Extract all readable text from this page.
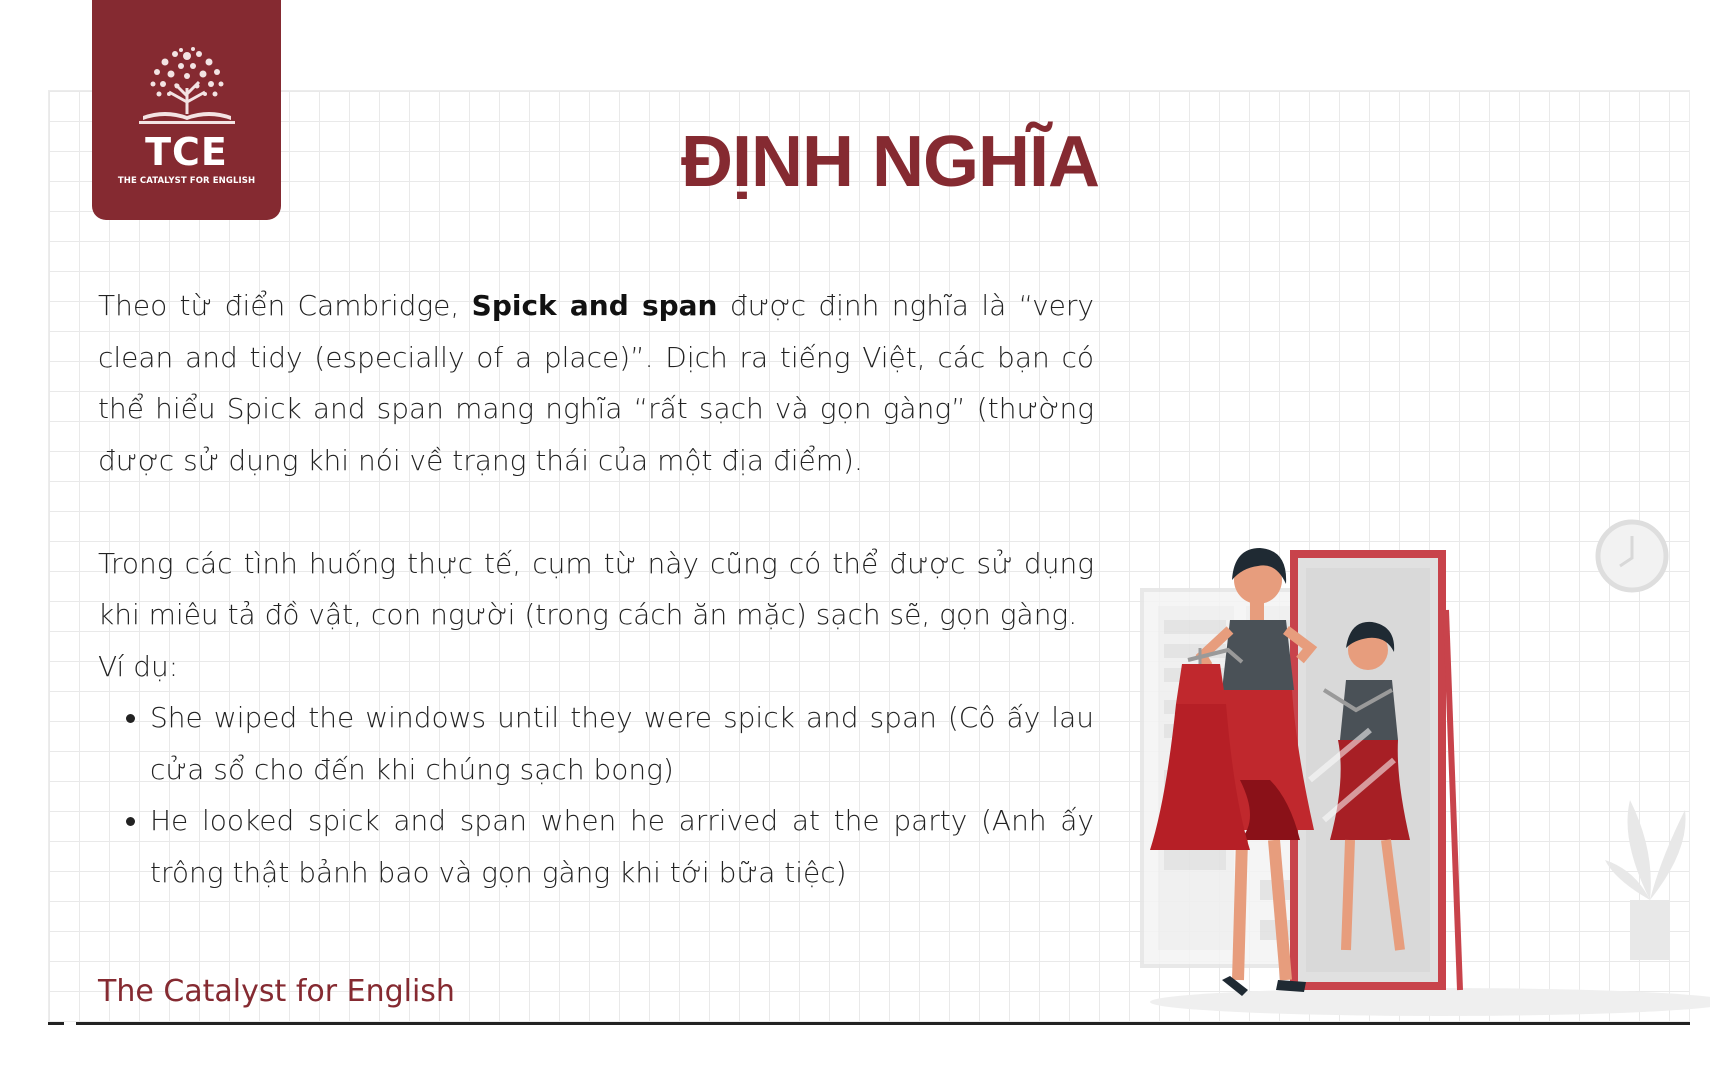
TCE
THE CATALYST FOR ENGLISH	ĐỊNH NGHĨA

Theo từ điển Cambridge, Spick and span được định nghĩa là “very clean and tidy (especially of a place)”. Dịch ra tiếng Việt, các bạn có thể hiểu Spick and span mang nghĩa “rất sạch và gọn gàng” (thường được sử dụng khi nói về trạng thái của một địa điểm).

Trong các tình huống thực tế, cụm từ này cũng có thể được sử dụng khi miêu tả đồ vật, con người (trong cách ăn mặc) sạch sẽ, gọn gàng.

Ví dụ:

• She wiped the windows until they were spick and span (Cô ấy lau cửa sổ cho đến khi chúng sạch bong)
• He looked spick and span when he arrived at the party (Anh ấy trông thật bảnh bao và gọn gàng khi tới bữa tiệc)
The Catalyst for English
